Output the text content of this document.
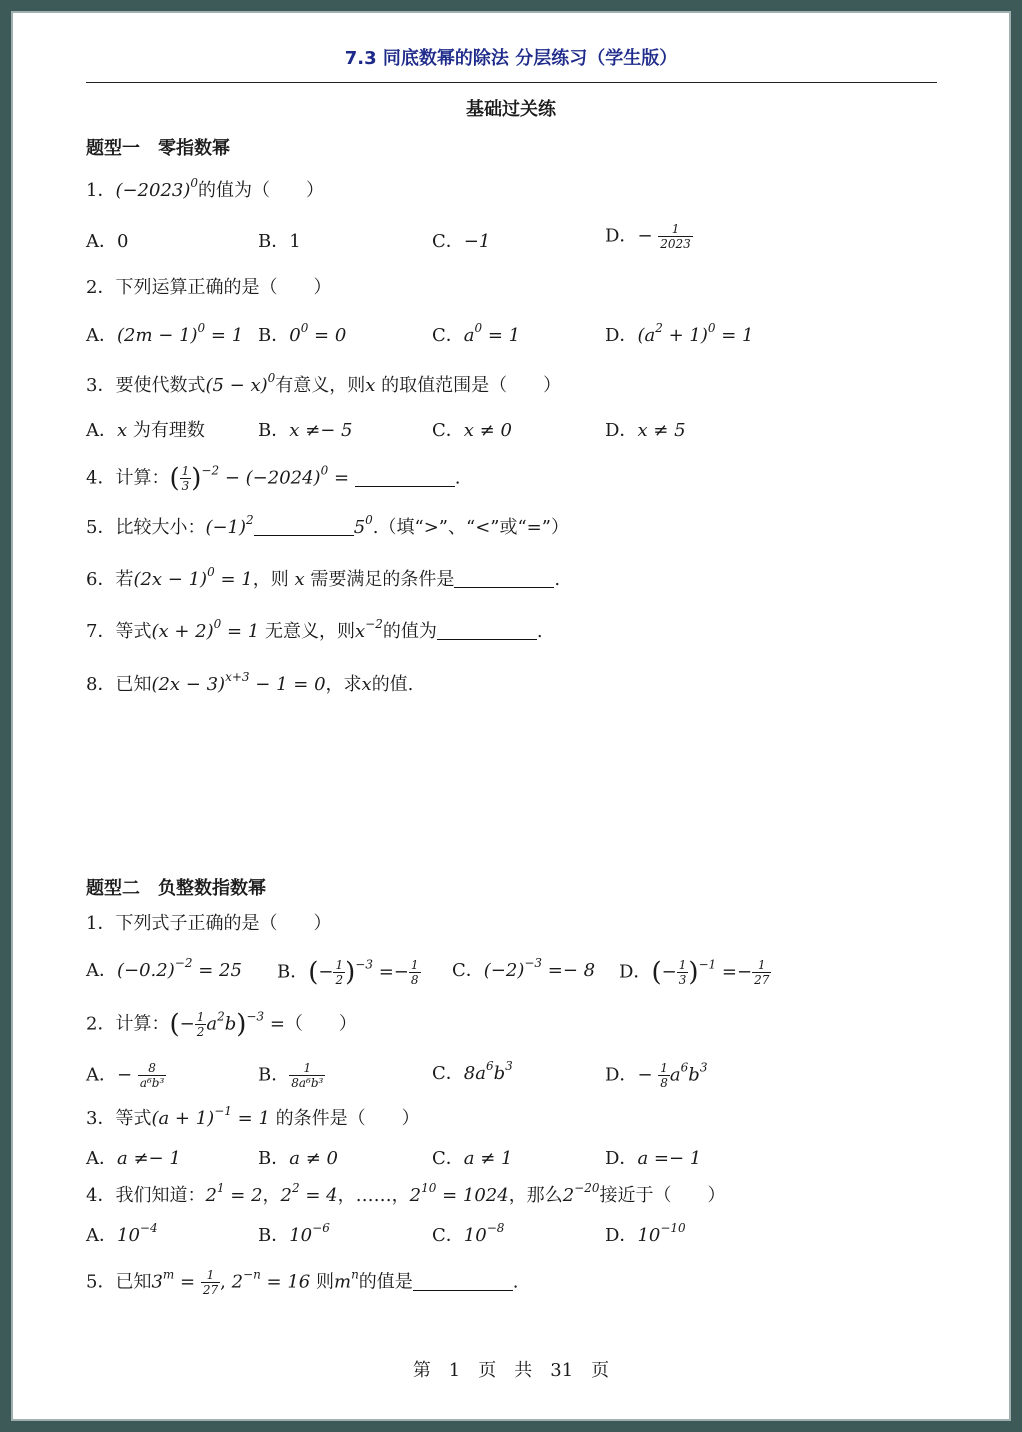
7.3 同底数幂的除法 分层练习（学生版）
基础过关练
题型一　零指数幂
1．$(-2023)^0$的值为（　　）
A．0	B．1	C．−1	D．− $\frac{1}{2023}$
2．下列运算正确的是（　　）
A．$(2m - 1)^0 = 1$ B．$0^0 = 0$	C．$a^0 = 1$	D．$(a^2 + 1)^0 = 1$
3．要使代数式$(5 - x)^0$有意义，则x 的取值范围是（　　）
A．x 为有理数	B．x ≠− 5	C．x ≠ 0	D．x ≠ 5
4．计算：( $\frac{1}{3} )^{-2} - (-2024)^0$ =	.
5．比较大小：$(-1)^2$	$5^0$.（填“>”、“<”或“=”）
6．若$(2x - 1)^0 = 1$，则 x 需要满足的条件是	.
7．等式$(x + 2)^0 = 1$ 无意义，则$x^{-2}$的值为	.
8．已知$(2x - 3)^{x+3} - 1 = 0$，求x的值.
题型二　负整数指数幂
1．下列式子正确的是（　　）
A．$(-0.2)^{-2} = 25$ B．(− $\frac{1}{2} )^{-3} =- \frac{1}{8}$ C．$(-2)^{-3} =- 8$ D．(− $\frac{1}{3} )^{-1} =- \frac{1}{27}$
2．计算：(− $\frac{1}{2} a^2b)^{-3}$ =（　　）
A．− $\frac{8}{\text{a⁶b³}}$	B． $\frac{1}{\text{8a⁶b³}}$	C．$8a^6b^3$	D．− $\frac{1}{8} a^6b^3$
3．等式$(a + 1)^{-1} = 1$ 的条件是（　　）
A．a ≠− 1	B．a ≠ 0	C．a ≠ 1	D．a =− 1
4．我们知道：$2^1 = 2$，$2^2 = 4$，……，$2^{10} = 1024$，那么$2^{-20}$接近于（　　）
A．$10^{-4}$	B．$10^{-6}$	C．$10^{-8}$	D．$10^{-10}$
5．已知$3^m = \frac{1}{27}$ , $2^{-n} = 16$ 则$m^n$的值是	.
第　1　页　共　31　页
